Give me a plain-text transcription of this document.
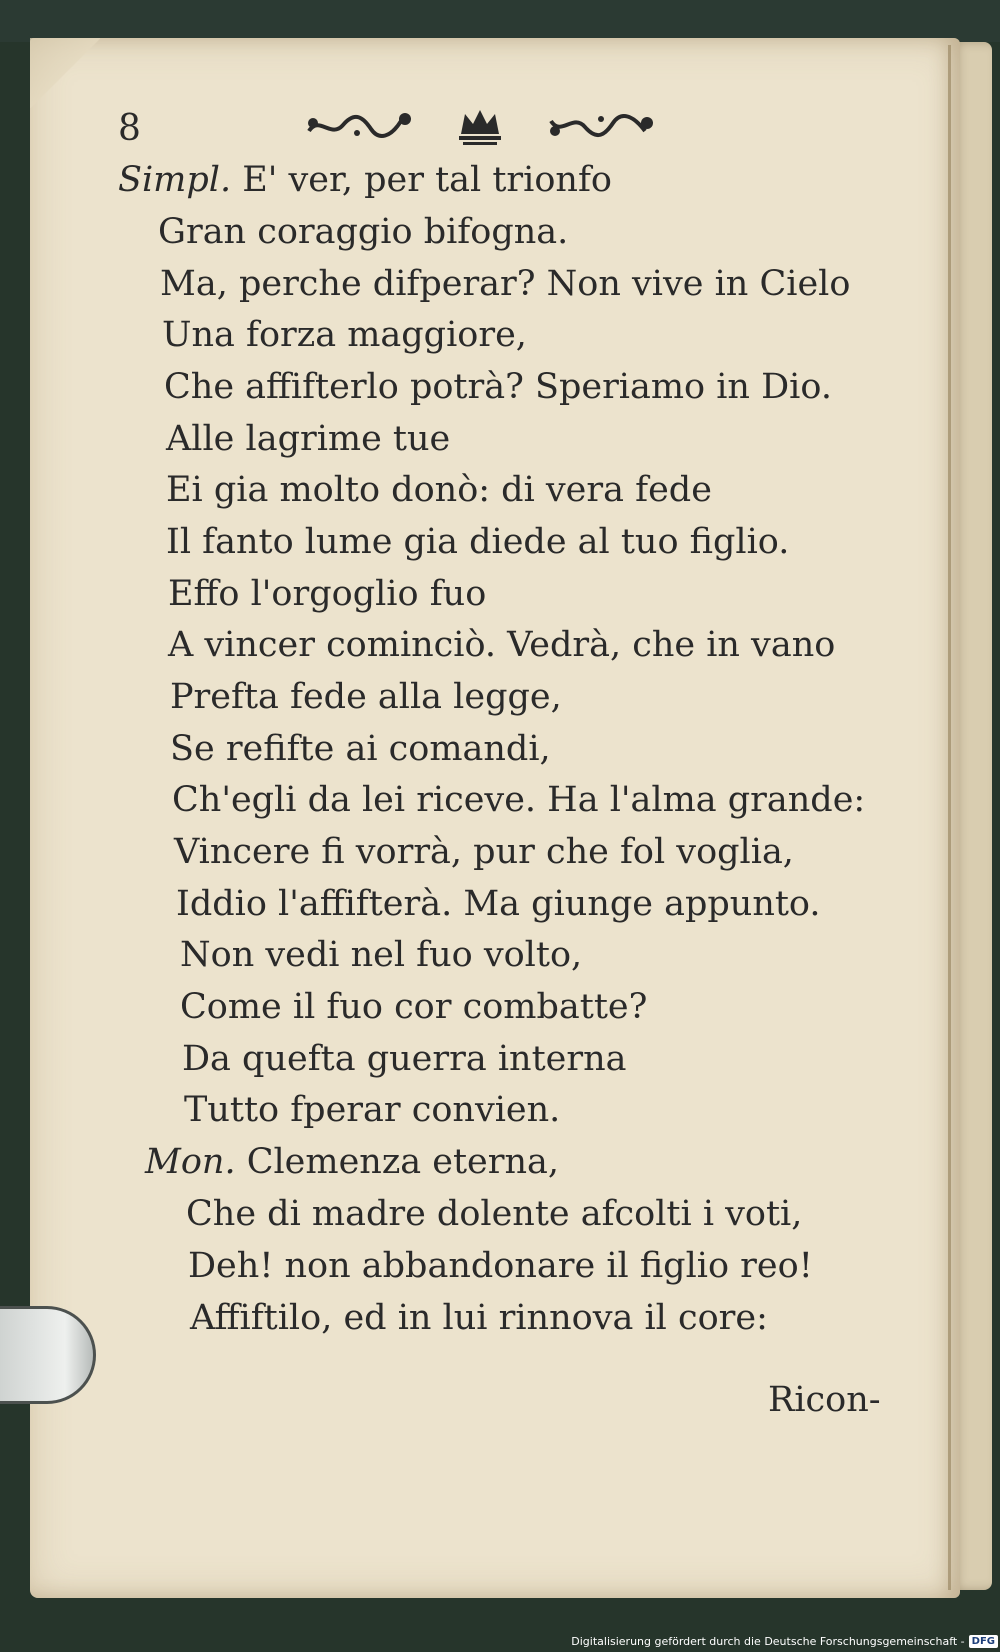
8

Simpl. E' ver, per tal trionfo

Gran coraggio bifogna.

Ma, perche difperar? Non vive in Cielo

Una forza maggiore,

Che affifterlo potrà? Speriamo in Dio.

Alle lagrime tue

Ei gia molto donò: di vera fede

Il fanto lume gia diede al tuo figlio.

Effo l'orgoglio fuo

A vincer cominciò. Vedrà, che in vano

Prefta fede alla legge,

Se refifte ai comandi,

Ch'egli da lei riceve. Ha l'alma grande:

Vincere fi vorrà, pur che fol voglia,

Iddio l'affifterà. Ma giunge appunto.

Non vedi nel fuo volto,

Come il fuo cor combatte?

Da quefta guerra interna

Tutto fperar convien.

Mon. Clemenza eterna,

Che di madre dolente afcolti i voti,

Deh! non abbandonare il figlio reo!

Affiftilo, ed in lui rinnova il core:

Ricon-

Digitalisierung gefördert durch die Deutsche Forschungsgemeinschaft - DFG
